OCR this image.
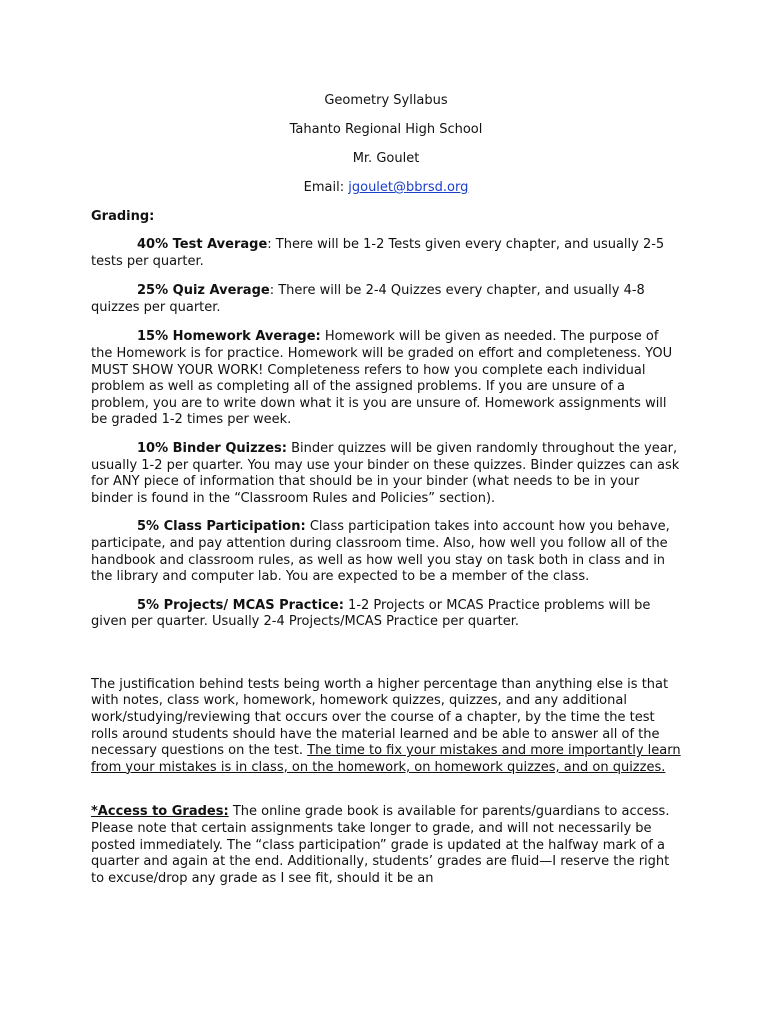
Geometry Syllabus
Tahanto Regional High School
Mr. Goulet
Email: jgoulet@bbrsd.org
Grading:

40% Test Average: There will be 1-2 Tests given every chapter, and usually 2-5 tests per quarter.

25% Quiz Average: There will be 2-4 Quizzes every chapter, and usually 4-8 quizzes per quarter.

15% Homework Average: Homework will be given as needed. The purpose of the Homework is for practice. Homework will be graded on effort and completeness. YOU MUST SHOW YOUR WORK! Completeness refers to how you complete each individual problem as well as completing all of the assigned problems. If you are unsure of a problem, you are to write down what it is you are unsure of. Homework assignments will be graded 1-2 times per week.

10% Binder Quizzes: Binder quizzes will be given randomly throughout the year, usually 1-2 per quarter. You may use your binder on these quizzes. Binder quizzes can ask for ANY piece of information that should be in your binder (what needs to be in your binder is found in the “Classroom Rules and Policies” section).

5% Class Participation: Class participation takes into account how you behave, participate, and pay attention during classroom time. Also, how well you follow all of the handbook and classroom rules, as well as how well you stay on task both in class and in the library and computer lab. You are expected to be a member of the class.

5% Projects/ MCAS Practice: 1-2 Projects or MCAS Practice problems will be given per quarter. Usually 2-4 Projects/MCAS Practice per quarter.

The justification behind tests being worth a higher percentage than anything else is that with notes, class work, homework, homework quizzes, quizzes, and any additional work/studying/reviewing that occurs over the course of a chapter, by the time the test rolls around students should have the material learned and be able to answer all of the necessary questions on the test. The time to fix your mistakes and more importantly learn from your mistakes is in class, on the homework, on homework quizzes, and on quizzes.

*Access to Grades: The online grade book is available for parents/guardians to access. Please note that certain assignments take longer to grade, and will not necessarily be posted immediately. The “class participation” grade is updated at the halfway mark of a quarter and again at the end. Additionally, students’ grades are fluid—I reserve the right to excuse/drop any grade as I see fit, should it be an
